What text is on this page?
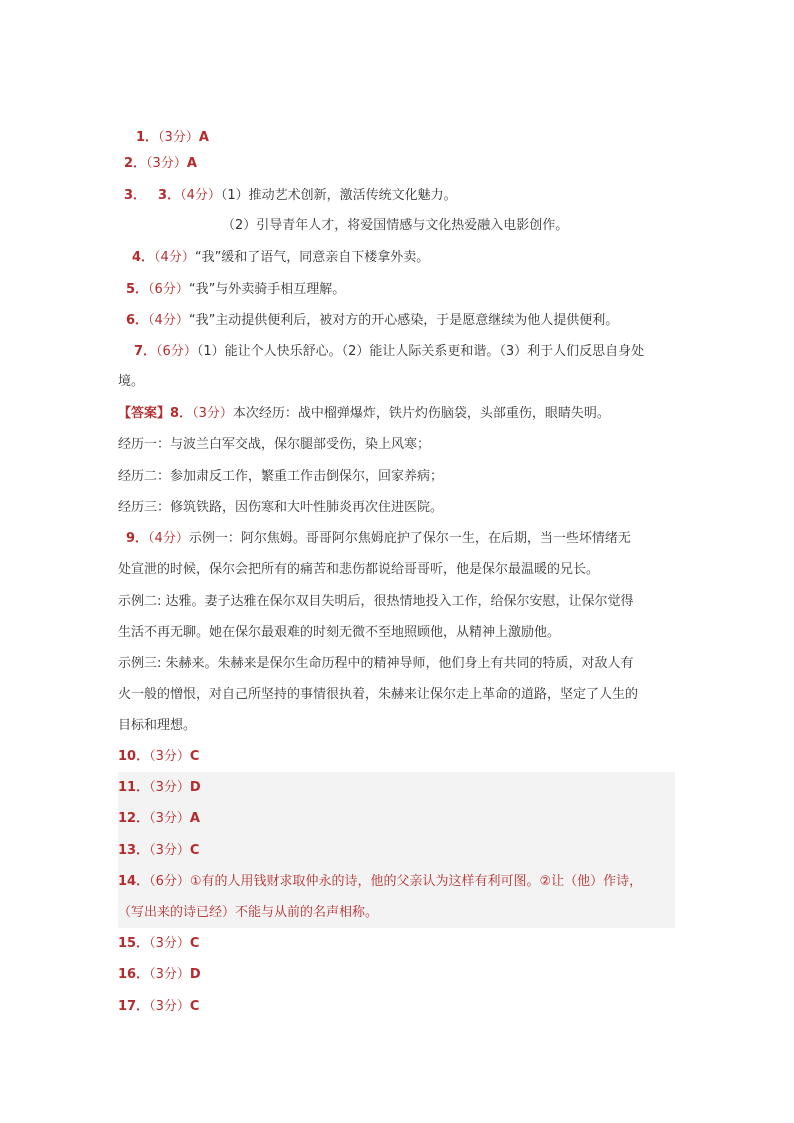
1．（3分）A
2．（3分）A
3． 3．（4分）（1）推动艺术创新，激活传统文化魅力。
（2）引导青年人才，将爱国情感与文化热爱融入电影创作。
4．（4分）“我”缓和了语气，同意亲自下楼拿外卖。
5．（6分）“我”与外卖骑手相互理解。
6．（4分）“我”主动提供便利后，被对方的开心感染，于是愿意继续为他人提供便利。
7．（6分）（1）能让个人快乐舒心。（2）能让人际关系更和谐。（3）利于人们反思自身处
境。
【答案】8．（3分）本次经历：战中榴弹爆炸，铁片灼伤脑袋，头部重伤，眼睛失明。
经历一：与波兰白军交战，保尔腿部受伤，染上风寒；
经历二：参加肃反工作，繁重工作击倒保尔，回家养病；
经历三：修筑铁路，因伤寒和大叶性肺炎再次住进医院。
9．（4分）示例一：阿尔焦姆。哥哥阿尔焦姆庇护了保尔一生，在后期，当一些坏情绪无
处宣泄的时候，保尔会把所有的痛苦和悲伤都说给哥哥听，他是保尔最温暖的兄长。
示例二: 达雅。妻子达雅在保尔双目失明后，很热情地投入工作，给保尔安慰，让保尔觉得
生活不再无聊。她在保尔最艰难的时刻无微不至地照顾他，从精神上激励他。
示例三: 朱赫来。朱赫来是保尔生命历程中的精神导师，他们身上有共同的特质，对敌人有
火一般的憎恨，对自己所坚持的事情很执着，朱赫来让保尔走上革命的道路，坚定了人生的
目标和理想。
10．（3分）C
11．（3分）D
12．（3分）A
13．（3分）C
14．（6分）①有的人用钱财求取仲永的诗，他的父亲认为这样有利可图。②让（他）作诗，
（写出来的诗已经）不能与从前的名声相称。
15．（3分）C
16．（3分）D
17．（3分）C
